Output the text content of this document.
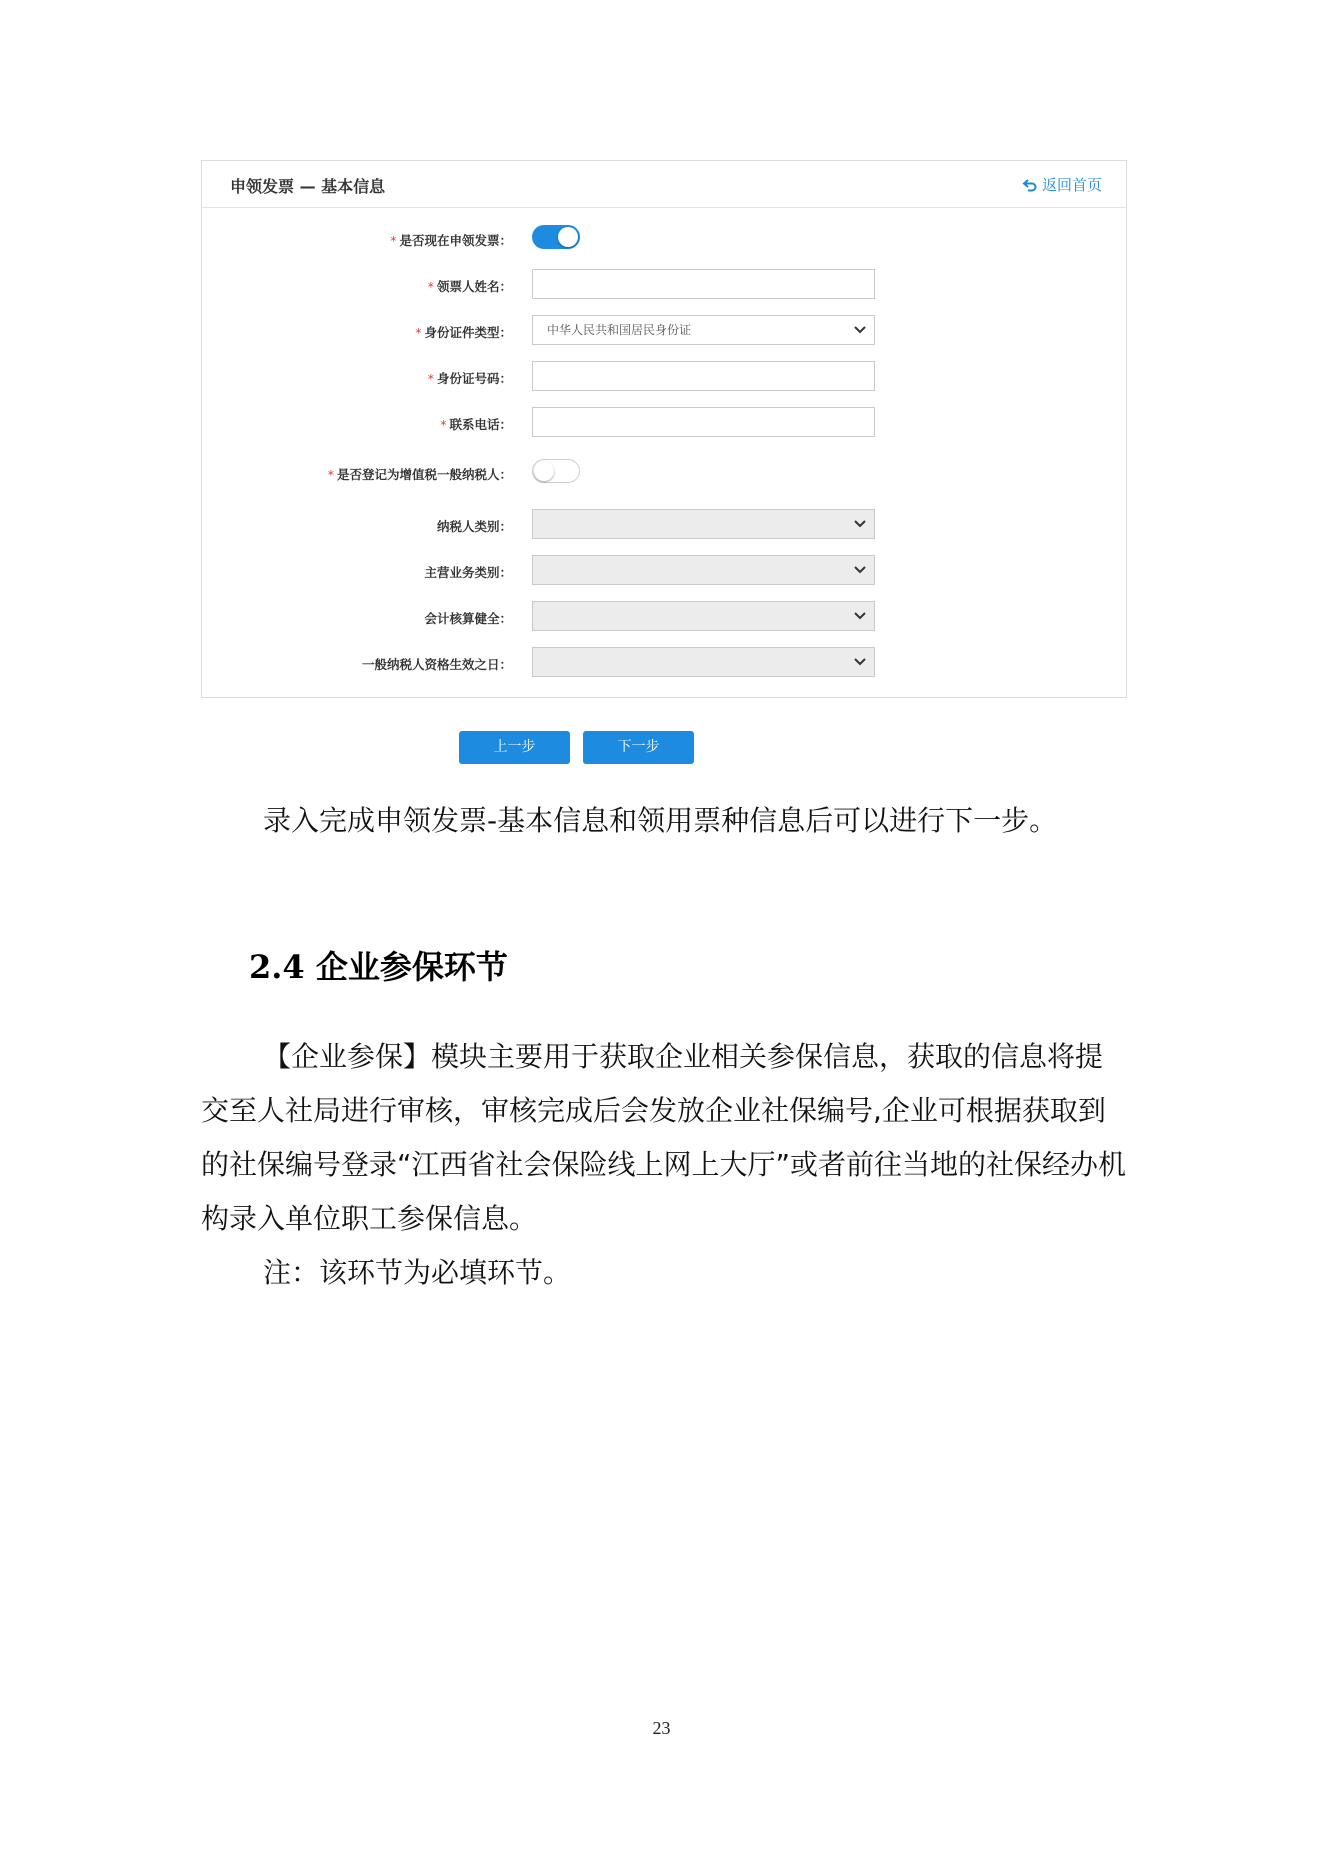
申领发票 — 基本信息	返回首页
* 是否现在申领发票：
* 领票人姓名：
* 身份证件类型：	中华人民共和国居民身份证
* 身份证号码：
* 联系电话：
* 是否登记为增值税一般纳税人：
纳税人类别：
主营业务类别：
会计核算健全：
一般纳税人资格生效之日：
上一步	下一步
录入完成申领发票-基本信息和领用票种信息后可以进行下一步。
2.4 企业参保环节
【企业参保】模块主要用于获取企业相关参保信息，获取的信息将提交至人社局进行审核，审核完成后会发放企业社保编号,企业可根据获取到的社保编号登录“江西省社会保险线上网上大厅”或者前往当地的社保经办机构录入单位职工参保信息。
注：该环节为必填环节。
23
